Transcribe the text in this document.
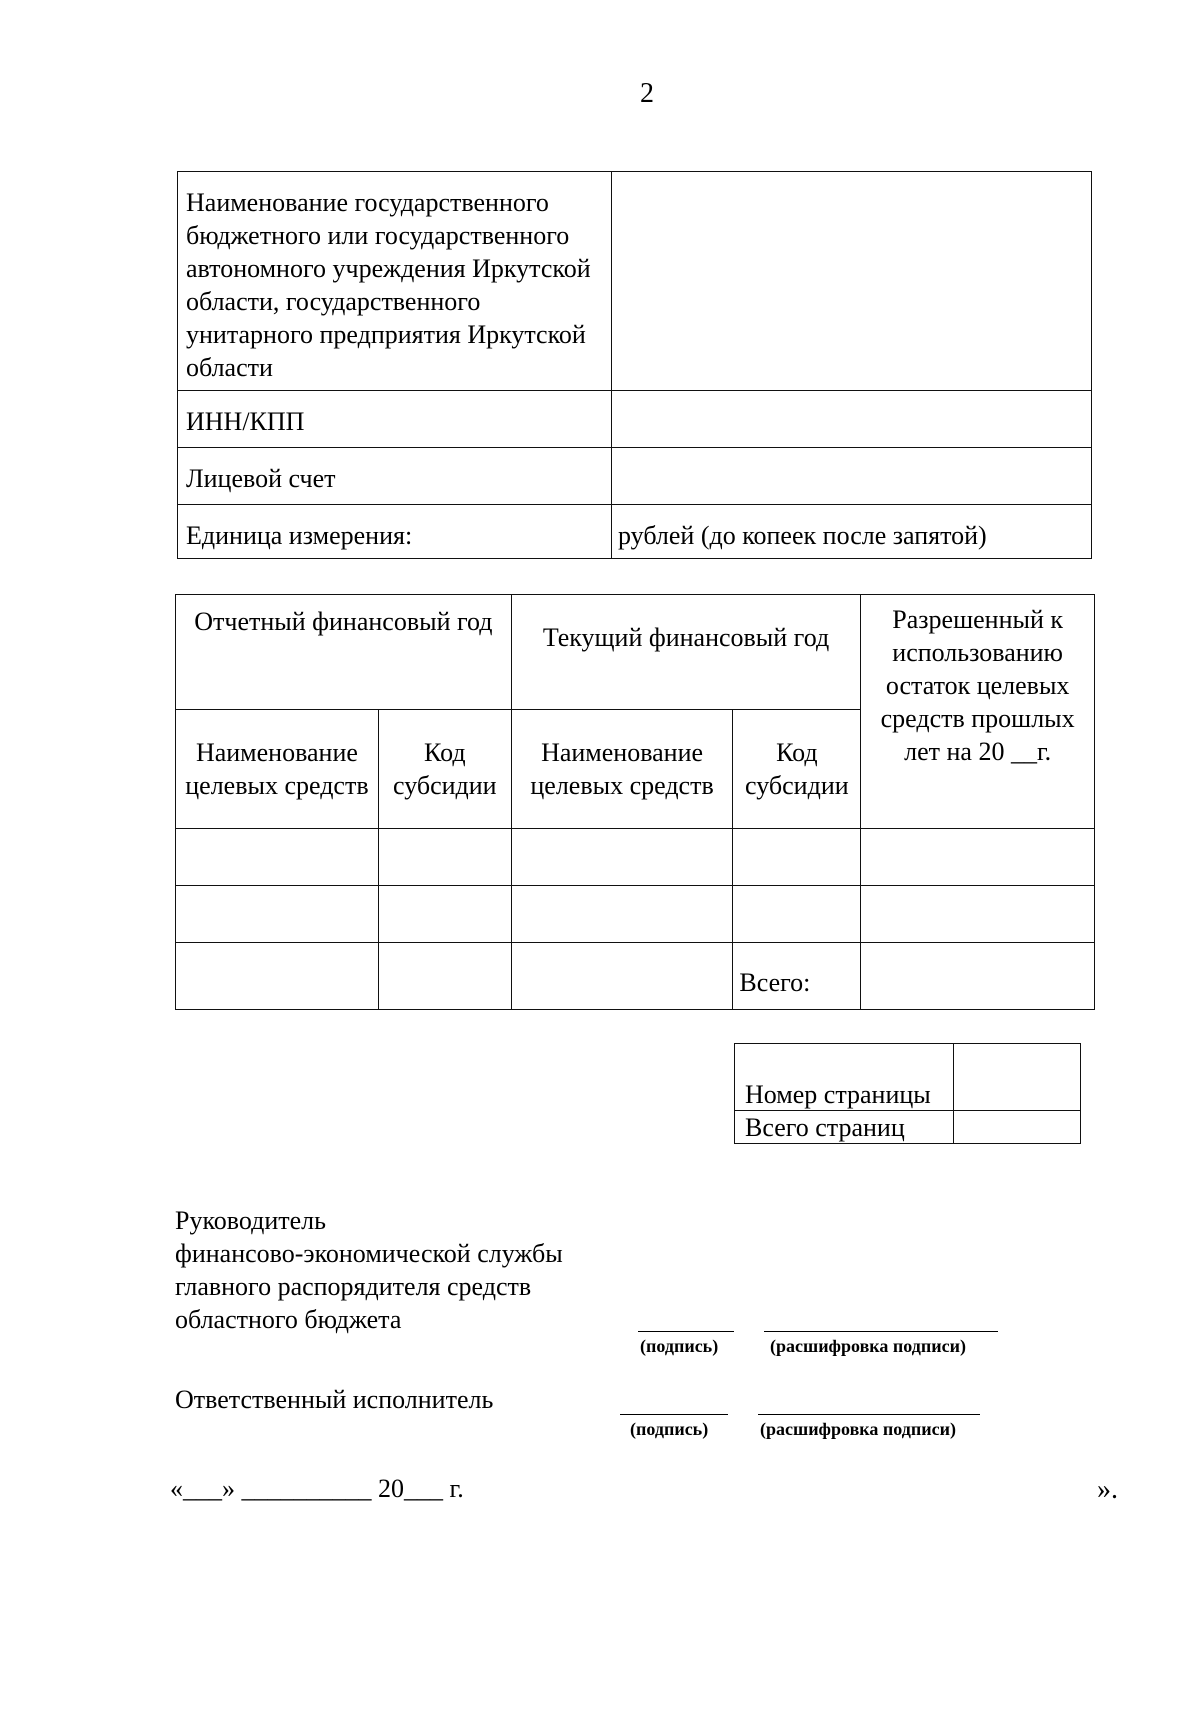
2
Наименование государственного бюджетного или государственного автономного учреждения Иркутской области, государственного унитарного предприятия Иркутской области	
ИНН/КПП	
Лицевой счет	
Единица измерения:	рублей (до копеек после запятой)
Отчетный финансовый год		Текущий финансовый год		Разрешенный к использованию остаток целевых средств прошлых лет на 20 __г.
Наименование целевых средств	Код субсидии	Наименование целевых средств	Код субсидии	

			Всего:	
Номер страницы	
Всего страниц	
Руководитель
финансово-экономической службы
главного распорядителя средств
областного бюджета
(подпись)	(расшифровка подписи)
Ответственный исполнитель
(подпись)	(расшифровка подписи)
«___» __________ 20___ г.	».
